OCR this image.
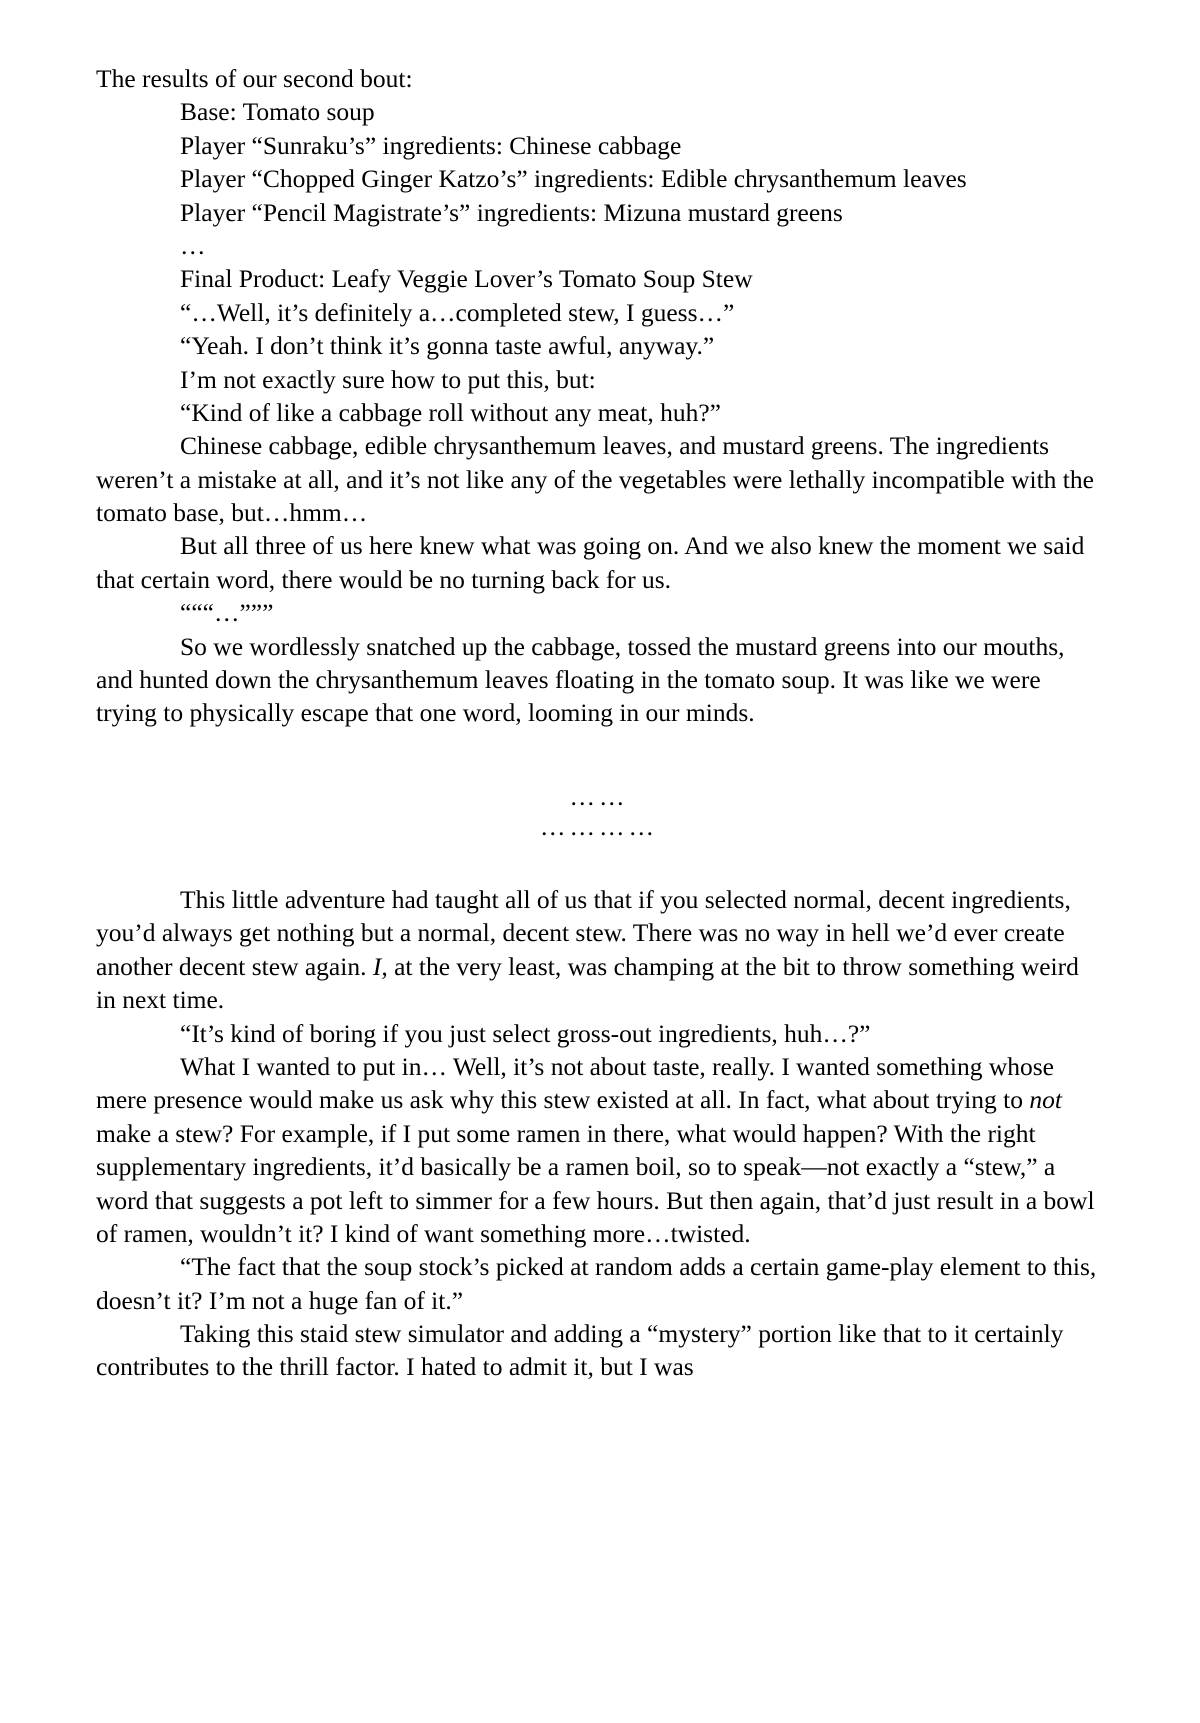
The results of our second bout:

Base: Tomato soup

Player “Sunraku’s” ingredients: Chinese cabbage

Player “Chopped Ginger Katzo’s” ingredients: Edible chrysanthemum leaves

Player “Pencil Magistrate’s” ingredients: Mizuna mustard greens

…

Final Product: Leafy Veggie Lover’s Tomato Soup Stew

“…Well, it’s definitely a…completed stew, I guess…”

“Yeah. I don’t think it’s gonna taste awful, anyway.”

I’m not exactly sure how to put this, but:

“Kind of like a cabbage roll without any meat, huh?”

Chinese cabbage, edible chrysanthemum leaves, and mustard greens. The ingredients weren’t a mistake at all, and it’s not like any of the vegetables were lethally incompatible with the tomato base, but…hmm…

But all three of us here knew what was going on. And we also knew the moment we said that certain word, there would be no turning back for us.

“““…”””

So we wordlessly snatched up the cabbage, tossed the mustard greens into our mouths, and hunted down the chrysanthemum leaves floating in the tomato soup. It was like we were trying to physically escape that one word, looming in our minds.

……
…………

This little adventure had taught all of us that if you selected normal, decent ingredients, you’d always get nothing but a normal, decent stew. There was no way in hell we’d ever create another decent stew again. I, at the very least, was champing at the bit to throw something weird in next time.

“It’s kind of boring if you just select gross-out ingredients, huh…?”

What I wanted to put in… Well, it’s not about taste, really. I wanted something whose mere presence would make us ask why this stew existed at all. In fact, what about trying to not make a stew? For example, if I put some ramen in there, what would happen? With the right supplementary ingredients, it’d basically be a ramen boil, so to speak—not exactly a “stew,” a word that suggests a pot left to simmer for a few hours. But then again, that’d just result in a bowl of ramen, wouldn’t it? I kind of want something more…twisted.

“The fact that the soup stock’s picked at random adds a certain game-play element to this, doesn’t it? I’m not a huge fan of it.”

Taking this staid stew simulator and adding a “mystery” portion like that to it certainly contributes to the thrill factor. I hated to admit it, but I was
